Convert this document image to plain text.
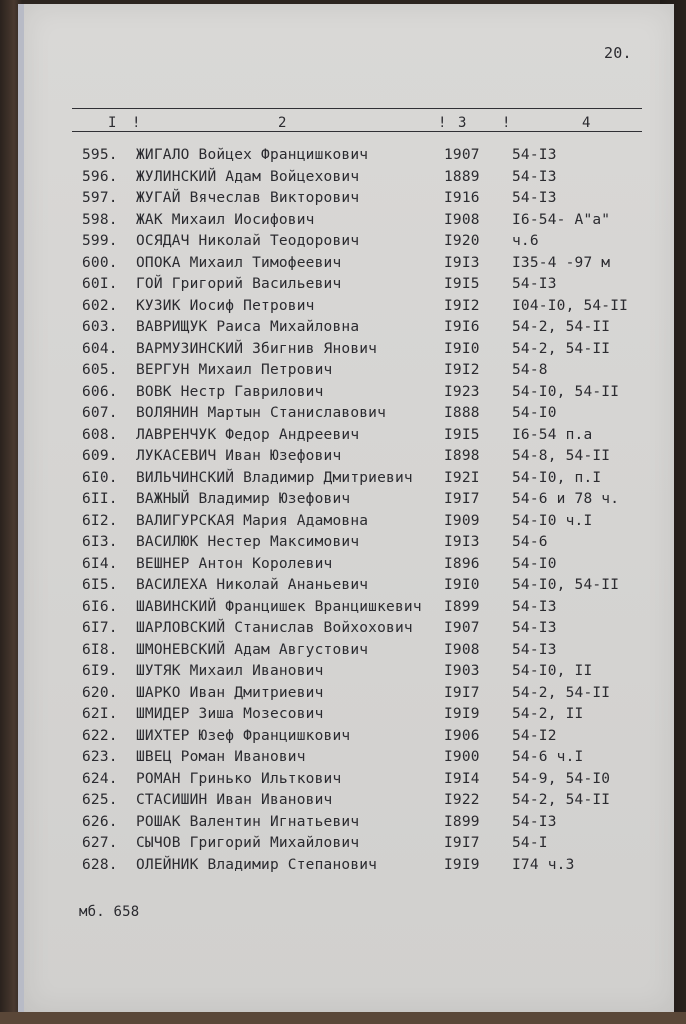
20.
I !	2	! 3	!	4
595. ЖИГАЛО Войцех Францишкович	1907 54-I3
596. ЖУЛИНСКИЙ Адам Войцехович	1889 54-I3
597. ЖУГАЙ Вячеслав Викторович	I916 54-I3
598. ЖАК Михаил Иосифович	I908 I6-54- А"а"
599. ОСЯДАЧ Николай Теодорович	I920 ч.6
600. ОПОКА Михаил Тимофеевич	I9I3 I35-4 -97 м
60I. ГОЙ Григорий Васильевич	I9I5 54-I3
602. КУЗИК Иосиф Петрович	I9I2 I04-I0, 54-II
603. ВАВРИЩУК Раиса Михайловна	I9I6 54-2, 54-II
604. ВАРМУЗИНСКИЙ Збигнив Янович	I9I0 54-2, 54-II
605. ВЕРГУН Михаил Петрович	I9I2 54-8
606. ВОВК Нестр Гаврилович	I923 54-I0, 54-II
607. ВОЛЯНИН Мартын Станиславович	I888 54-I0
608. ЛАВРЕНЧУК Федор Андреевич	I9I5 I6-54 п.а
609. ЛУКАСЕВИЧ Иван Юзефович	I898 54-8, 54-II
6I0. ВИЛЬЧИНСКИЙ Владимир Дмитриевич I92I 54-I0, п.I
6II. ВАЖНЫЙ Владимир Юзефович	I9I7 54-6 и 78 ч.
6I2. ВАЛИГУРСКАЯ Мария Адамовна	I909 54-I0 ч.I
6I3. ВАСИЛЮК Нестер Максимович	I9I3 54-6
6I4. ВЕШНЕР Антон Королевич	I896 54-I0
6I5. ВАСИЛЕХА Николай Ананьевич	I9I0 54-I0, 54-II
6I6. ШАВИНСКИЙ Францишек Вранцишкевич I899 54-I3
6I7. ШАРЛОВСКИЙ Станислав Войхохович I907 54-I3
6I8. ШМОНЕВСКИЙ Адам Августович	I908 54-I3
6I9. ШУТЯК Михаил Иванович	I903 54-I0, II
620. ШАРКО Иван Дмитриевич	I9I7 54-2, 54-II
62I. ШМИДЕР Зиша Мозесович	I9I9 54-2, II
622. ШИХТЕР Юзеф Францишкович	I906 54-I2
623. ШВЕЦ Роман Иванович	I900 54-6 ч.I
624. РОМАН Гринько Ильткович	I9I4 54-9, 54-I0
625. СТАСИШИН Иван Иванович	I922 54-2, 54-II
626. РОШАК Валентин Игнатьевич	I899 54-I3
627. СЫЧОВ Григорий Михайлович	I9I7 54-I
628. ОЛЕЙНИК Владимир Степанович	I9I9 I74 ч.3
мб. 658
